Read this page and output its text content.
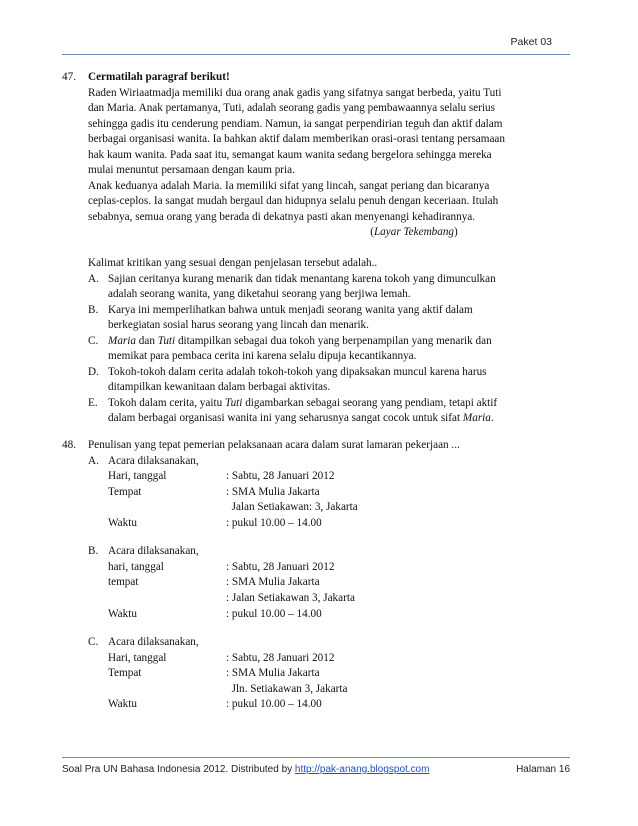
Paket 03
47. Cermatilah paragraf berikut!
Raden Wiriaatmadja memiliki dua orang anak gadis yang sifatnya sangat berbeda, yaitu Tuti
dan Maria. Anak pertamanya, Tuti, adalah seorang gadis yang pembawaannya selalu serius
sehingga gadis itu cenderung pendiam. Namun, ia sangat perpendirian teguh dan aktif dalam
berbagai organisasi wanita. Ia bahkan aktif dalam memberikan orasi-orasi tentang persamaan
hak kaum wanita. Pada saat itu, semangat kaum wanita sedang bergelora sehingga mereka
mulai menuntut persamaan dengan kaum pria.
Anak keduanya adalah Maria. Ia memiliki sifat yang lincah, sangat periang dan bicaranya
ceplas-ceplos. Ia sangat mudah bergaul dan hidupnya selalu penuh dengan keceriaan. Itulah
sebabnya, semua orang yang berada di dekatnya pasti akan menyenangi kehadirannya.
(Layar Tekembang)
Kalimat kritikan yang sesuai dengan penjelasan tersebut adalah..
A. Sajian ceritanya kurang menarik dan tidak menantang karena tokoh yang dimunculkan
adalah seorang wanita, yang diketahui seorang yang berjiwa lemah.
B. Karya ini memperlihatkan bahwa untuk menjadi seorang wanita yang aktif dalam
berkegiatan sosial harus seorang yang lincah dan menarik.
C. Maria dan Tuti ditampilkan sebagai dua tokoh yang berpenampilan yang menarik dan
memikat para pembaca cerita ini karena selalu dipuja kecantikannya.
D. Tokoh-tokoh dalam cerita adalah tokoh-tokoh yang dipaksakan muncul karena harus
ditampilkan kewanitaan dalam berbagai aktivitas.
E. Tokoh dalam cerita, yaitu Tuti digambarkan sebagai seorang yang pendiam, tetapi aktif
dalam berbagai organisasi wanita ini yang seharusnya sangat cocok untuk sifat Maria.
48. Penulisan yang tepat pemerian pelaksanaan acara dalam surat lamaran pekerjaan ...
A. Acara dilaksanakan,
Hari, tanggal	: Sabtu, 28 Januari 2012
Tempat	: SMA Mulia Jakarta
Jalan Setiakawan: 3, Jakarta
Waktu	: pukul 10.00 – 14.00
B. Acara dilaksanakan,
hari, tanggal	: Sabtu, 28 Januari 2012
tempat	: SMA Mulia Jakarta
: Jalan Setiakawan 3, Jakarta
Waktu	: pukul 10.00 – 14.00
C. Acara dilaksanakan,
Hari, tanggal	: Sabtu, 28 Januari 2012
Tempat	: SMA Mulia Jakarta
Jln. Setiakawan 3, Jakarta
Waktu	: pukul 10.00 – 14.00
Soal Pra UN Bahasa Indonesia 2012. Distributed by http://pak-anang.blogspot.com	Halaman 16
